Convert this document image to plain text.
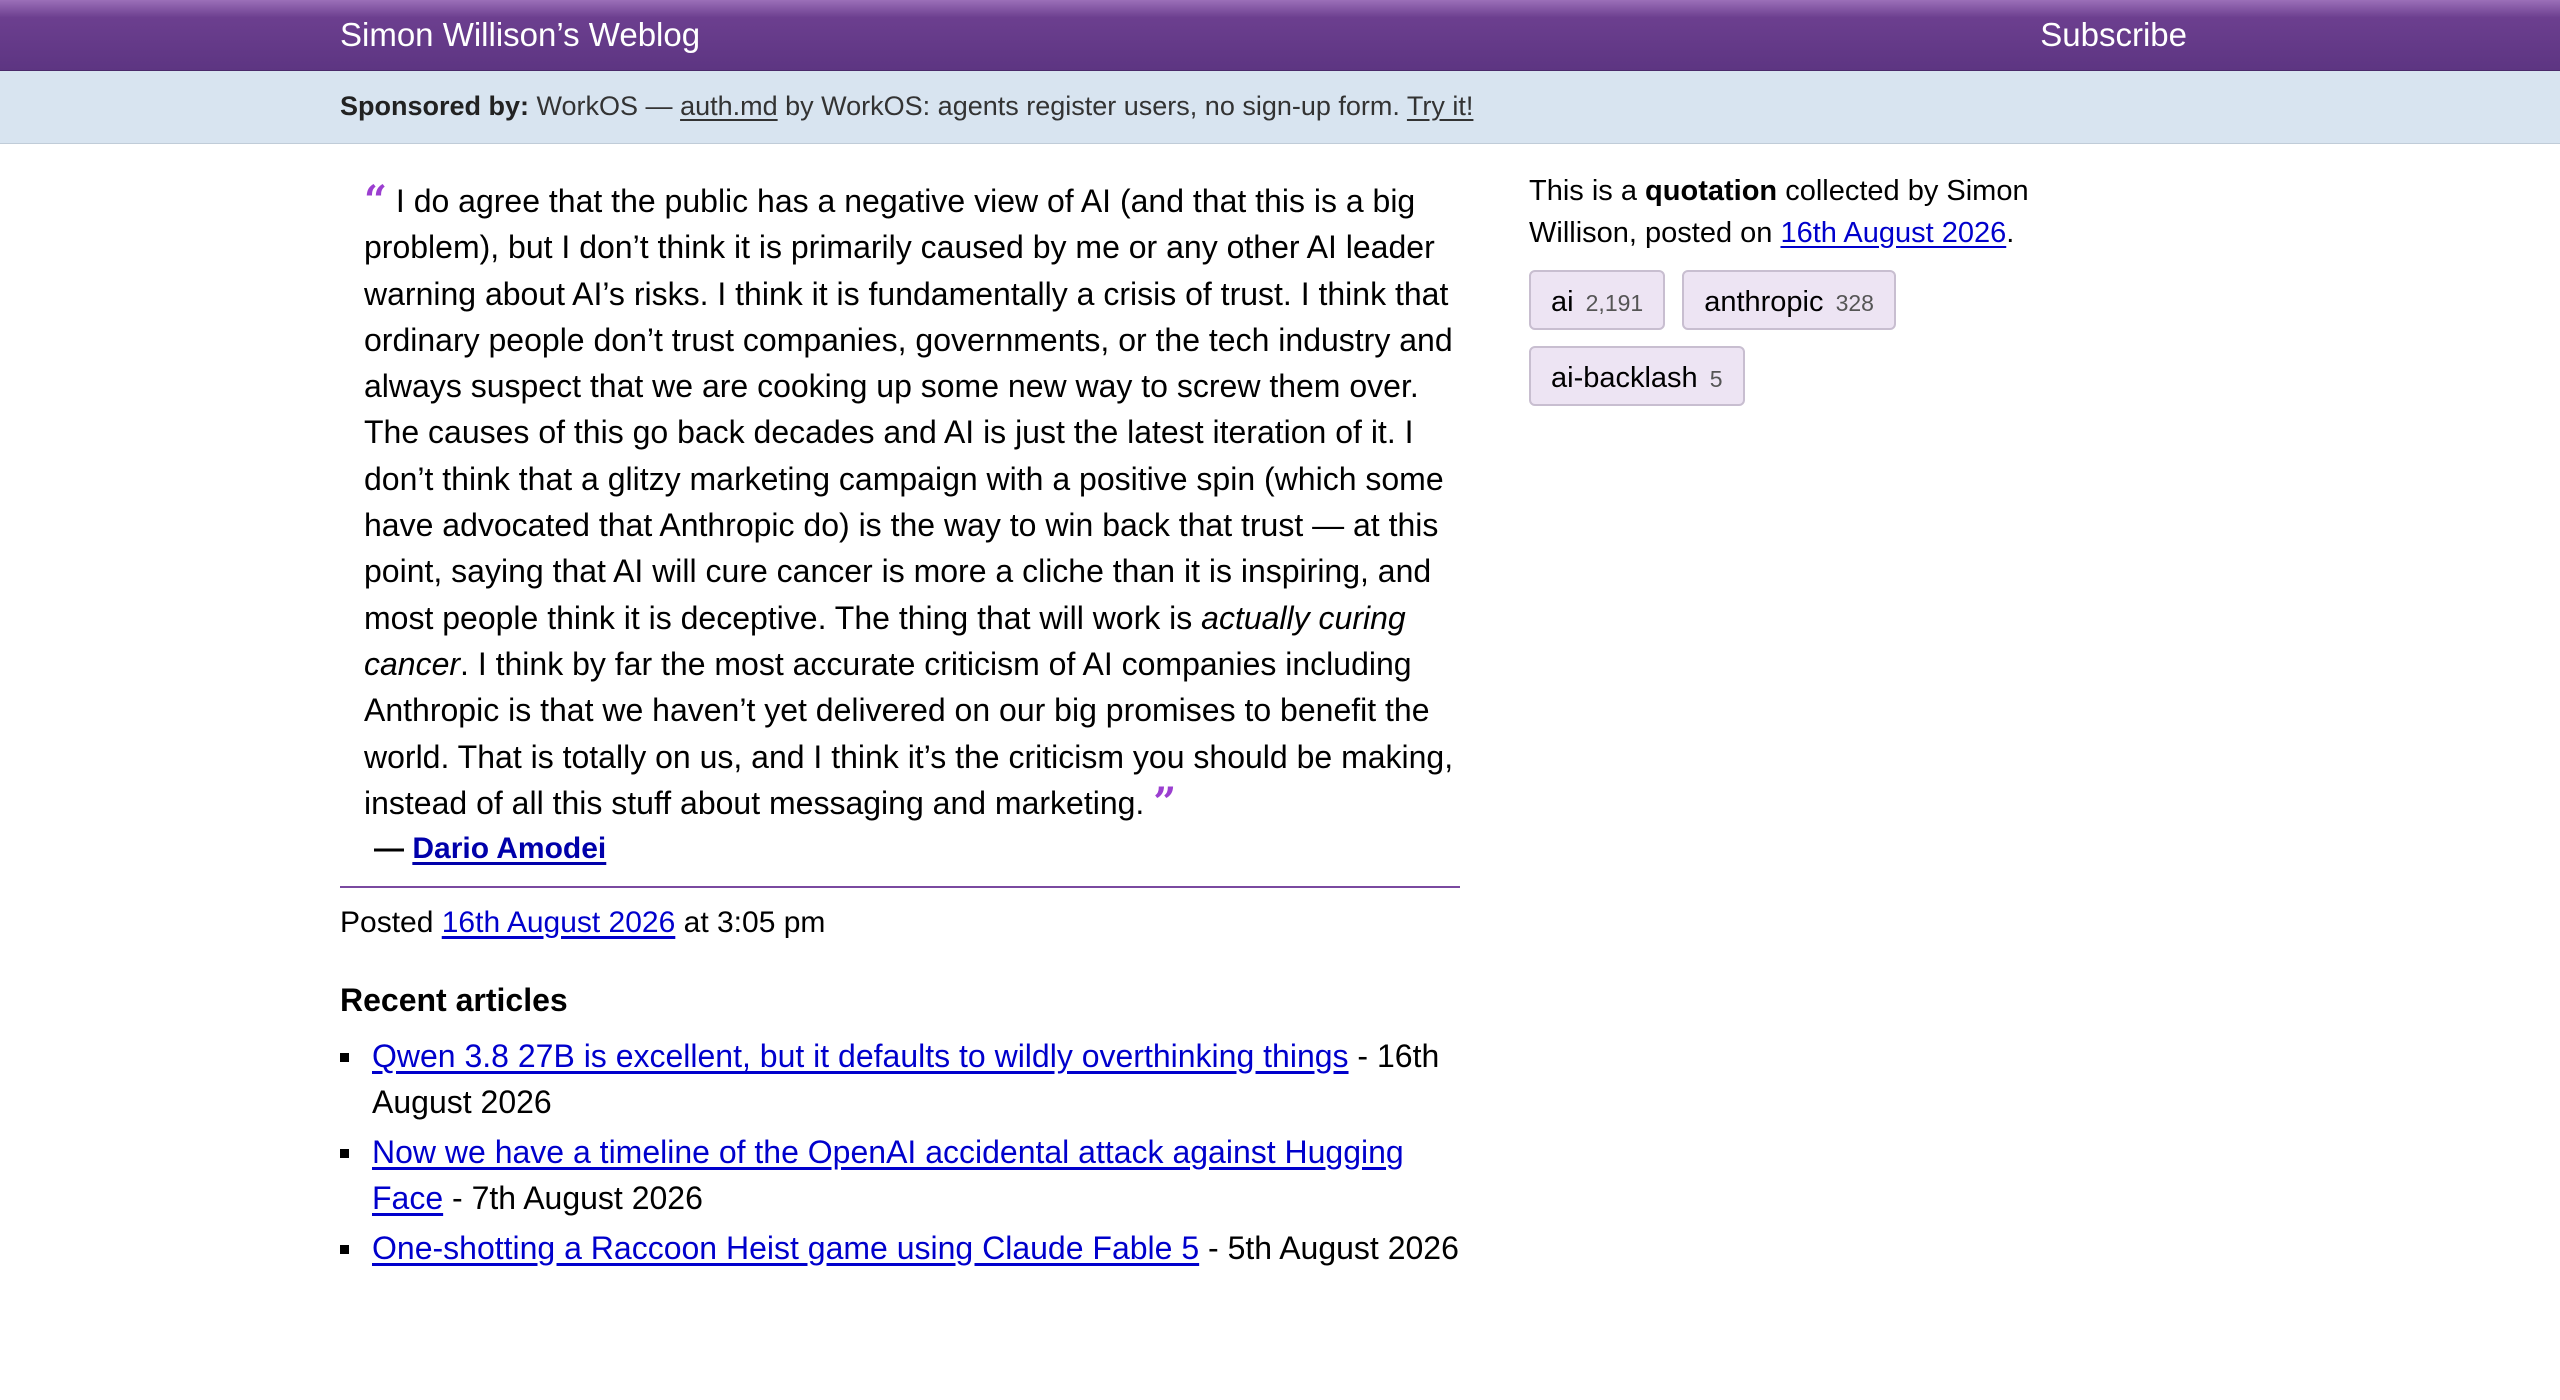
Simon Willison’s Weblog	Subscribe
Sponsored by: WorkOS — auth.md by WorkOS: agents register users, no sign-up form. Try it!
“ I do agree that the public has a negative view of AI (and that this is a big problem), but I don’t think it is primarily caused by me or any other AI leader warning about AI’s risks. I think it is fundamentally a crisis of trust. I think that ordinary people don’t trust companies, governments, or the tech industry and always suspect that we are cooking up some new way to screw them over. The causes of this go back decades and AI is just the latest iteration of it. I don’t think that a glitzy marketing campaign with a positive spin (which some have advocated that Anthropic do) is the way to win back that trust — at this point, saying that AI will cure cancer is more a cliche than it is inspiring, and most people think it is deceptive. The thing that will work is actually curing cancer. I think by far the most accurate criticism of AI companies including Anthropic is that we haven’t yet delivered on our big promises to benefit the world. That is totally on us, and I think it’s the criticism you should be making, instead of all this stuff about messaging and marketing. ”
— Dario Amodei
Posted 16th August 2026 at 3:05 pm
Recent articles
Qwen 3.8 27B is excellent, but it defaults to wildly overthinking things - 16th August 2026
Now we have a timeline of the OpenAI accidental attack against Hugging Face - 7th August 2026
One-shotting a Raccoon Heist game using Claude Fable 5 - 5th August 2026
This is a quotation collected by Simon Willison, posted on 16th August 2026.
ai 2,191	anthropic 328
ai-backlash 5
